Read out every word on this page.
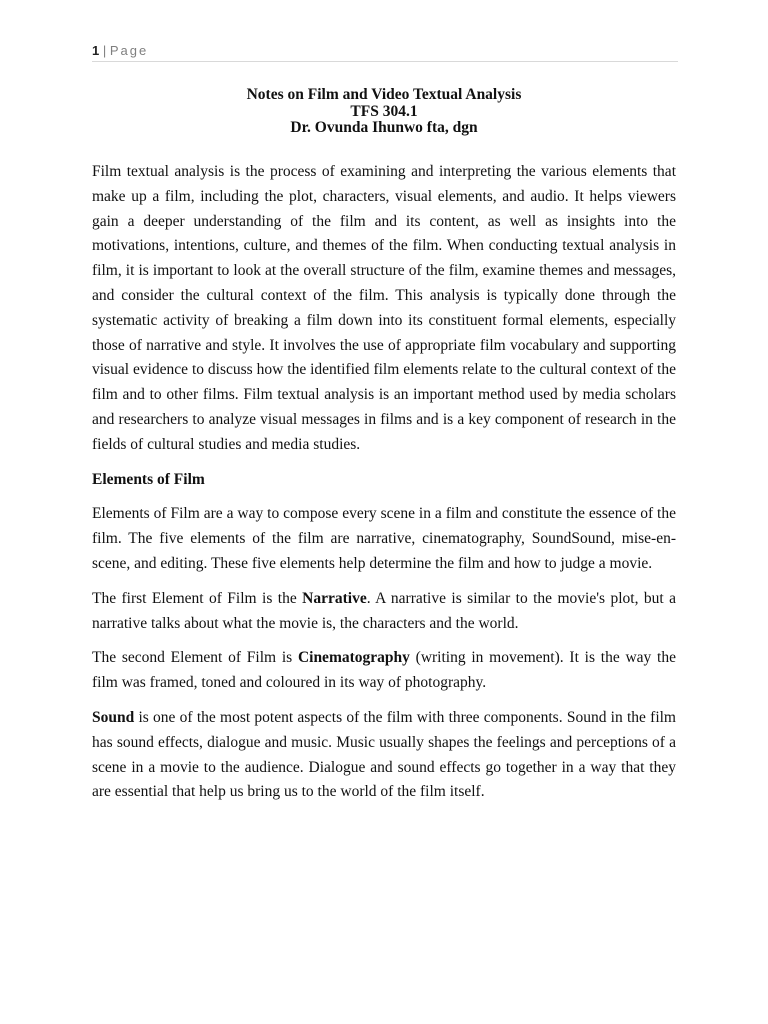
1 | Page
Notes on Film and Video Textual Analysis
TFS 304.1
Dr. Ovunda Ihunwo fta, dgn

Film textual analysis is the process of examining and interpreting the various elements that make up a film, including the plot, characters, visual elements, and audio. It helps viewers gain a deeper understanding of the film and its content, as well as insights into the motivations, intentions, culture, and themes of the film. When conducting textual analysis in film, it is important to look at the overall structure of the film, examine themes and messages, and consider the cultural context of the film. This analysis is typically done through the systematic activity of breaking a film down into its constituent formal elements, especially those of narrative and style. It involves the use of appropriate film vocabulary and supporting visual evidence to discuss how the identified film elements relate to the cultural context of the film and to other films. Film textual analysis is an important method used by media scholars and researchers to analyze visual messages in films and is a key component of research in the fields of cultural studies and media studies.

Elements of Film

Elements of Film are a way to compose every scene in a film and constitute the essence of the film. The five elements of the film are narrative, cinematography, SoundSound, mise-en-scene, and editing. These five elements help determine the film and how to judge a movie.

The first Element of Film is the Narrative. A narrative is similar to the movie's plot, but a narrative talks about what the movie is, the characters and the world.

The second Element of Film is Cinematography (writing in movement). It is the way the film was framed, toned and coloured in its way of photography.

Sound is one of the most potent aspects of the film with three components. Sound in the film has sound effects, dialogue and music. Music usually shapes the feelings and perceptions of a scene in a movie to the audience. Dialogue and sound effects go together in a way that they are essential that help us bring us to the world of the film itself.
